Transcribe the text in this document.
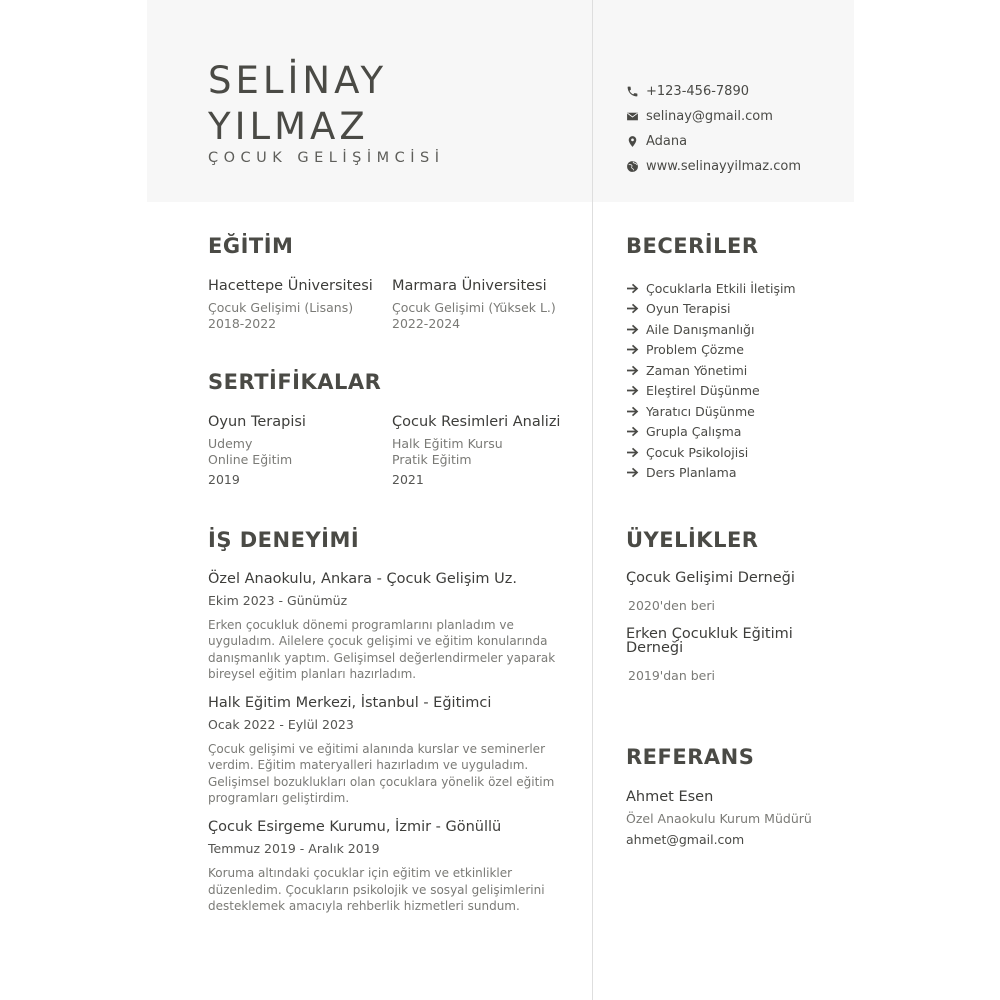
SELİNAY
YILMAZ
ÇOCUK GELİŞİMCİSİ
+123-456-7890
selinay@gmail.com
Adana
www.selinayyilmaz.com
EĞİTİM
Hacettepe Üniversitesi
Çocuk Gelişimi (Lisans)
2018-2022
Marmara Üniversitesi
Çocuk Gelişimi (Yüksek L.)
2022-2024
SERTİFİKALAR
Oyun Terapisi
Udemy
Online Eğitim
2019
Çocuk Resimleri Analizi
Halk Eğitim Kursu
Pratik Eğitim
2021
İŞ DENEYİMİ
Özel Anaokulu, Ankara - Çocuk Gelişim Uz.
Ekim 2023 - Günümüz
Erken çocukluk dönemi programlarını planladım ve uyguladım. Ailelere çocuk gelişimi ve eğitim konularında danışmanlık yaptım. Gelişimsel değerlendirmeler yaparak bireysel eğitim planları hazırladım.
Halk Eğitim Merkezi, İstanbul - Eğitimci
Ocak 2022 - Eylül 2023
Çocuk gelişimi ve eğitimi alanında kurslar ve seminerler verdim. Eğitim materyalleri hazırladım ve uyguladım. Gelişimsel bozuklukları olan çocuklara yönelik özel eğitim programları geliştirdim.
Çocuk Esirgeme Kurumu, İzmir - Gönüllü
Temmuz 2019 - Aralık 2019
Koruma altındaki çocuklar için eğitim ve etkinlikler düzenledim. Çocukların psikolojik ve sosyal gelişimlerini desteklemek amacıyla rehberlik hizmetleri sundum.
BECERİLER
Çocuklarla Etkili İletişim
Oyun Terapisi
Aile Danışmanlığı
Problem Çözme
Zaman Yönetimi
Eleştirel Düşünme
Yaratıcı Düşünme
Grupla Çalışma
Çocuk Psikolojisi
Ders Planlama
ÜYELİKLER
Çocuk Gelişimi Derneği
2020'den beri
Erken Çocukluk Eğitimi Derneği
2019'dan beri
REFERANS
Ahmet Esen
Özel Anaokulu Kurum Müdürü
ahmet@gmail.com
